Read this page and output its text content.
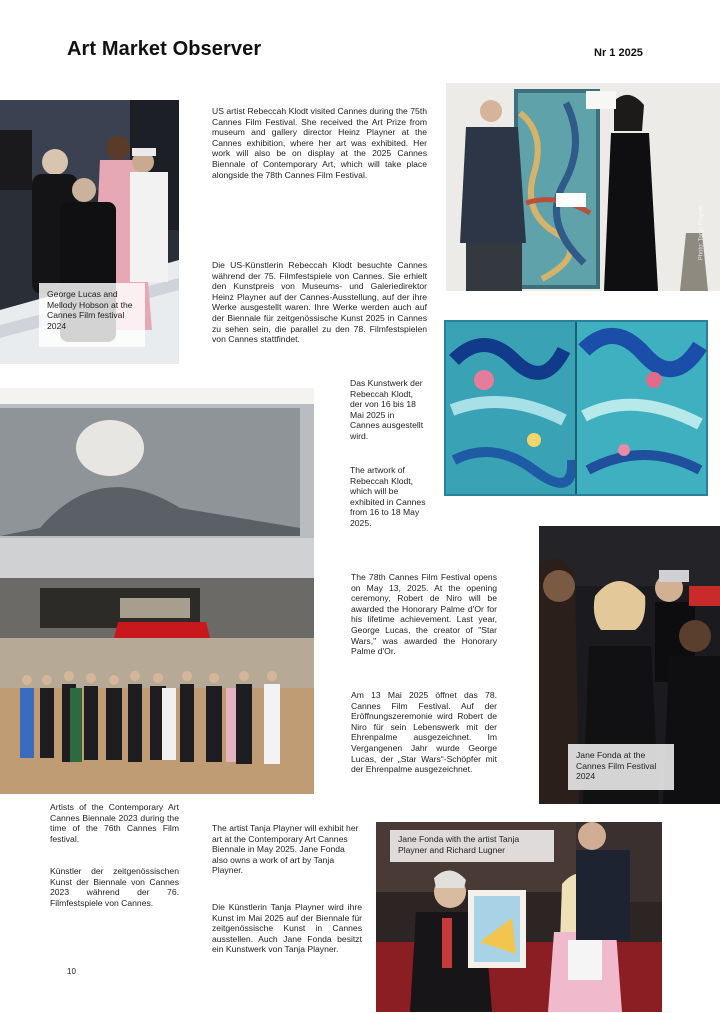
Art Market Observer	Nr 1 2025
George Lucas and Mellody Hobson at the Cannes Film festival 2024
US artist Rebeccah Klodt visited Cannes during the 75th Cannes Film Festival. She received the Art Prize from museum and gallery director Heinz Playner at the Cannes exhibition, where her art was exhibited. Her work will also be on display at the 2025 Cannes Biennale of Contemporary Art, which will take place alongside the 78th Cannes Film Festival.
Die US-Künstlerin Rebeccah Klodt besuchte Cannes während der 75. Filmfestspiele von Cannes. Sie erhielt den Kunstpreis von Museums- und Galeriedirektor Heinz Playner auf der Cannes-Ausstellung, auf der ihre Werke ausgestellt waren. Ihre Werke werden auch auf der Biennale für zeitgenössische Kunst 2025 in Cannes zu sehen sein, die parallel zu den 78. Filmfestspielen von Cannes stattfindet.
Photo: Tanja Playner
Das Kunstwerk der Rebeccah Klodt, der von 16 bis 18 Mai 2025 in Cannes ausgestellt wird.
The artwork of Rebeccah Klodt, which will be exhibited in Cannes from 16 to 18 May 2025.
The 78th Cannes Film Festival opens on May 13, 2025. At the opening ceremony, Robert de Niro will be awarded the Honorary Palme d'Or for his lifetime achievement. Last year, George Lucas, the creator of "Star Wars," was awarded the Honorary Palme d'Or.
Am 13 Mai 2025 öffnet das 78. Cannes Film Festival. Auf der Eröffnungszeremonie wird Robert de Niro für sein Lebenswerk mit der Ehrenpalme ausgezeichnet. Im Vergangenen Jahr wurde George Lucas, der „Star Wars“-Schöpfer mit der Ehrenpalme ausgezeichnet.
Jane Fonda at the Cannes Film Festival 2024
Artists of the Contemporary Art Cannes Biennale 2023 during the time of the 76th Cannes Film festival.
Künstler der zeitgenössischen Kunst der Biennale von Cannes 2023 während der 76. Filmfestspiele von Cannes.
The artist Tanja Playner will exhibit her art at the Contemporary Art Cannes Biennale in May 2025. Jane Fonda also owns a work of art by Tanja Playner.
Die Künstlerin Tanja Playner wird ihre Kunst im Mai 2025 auf der Biennale für zeitgenössische Kunst in Cannes ausstellen. Auch Jane Fonda besitzt ein Kunstwerk von Tanja Playner.
Jane Fonda with the artist Tanja Playner and Richard Lugner
10
